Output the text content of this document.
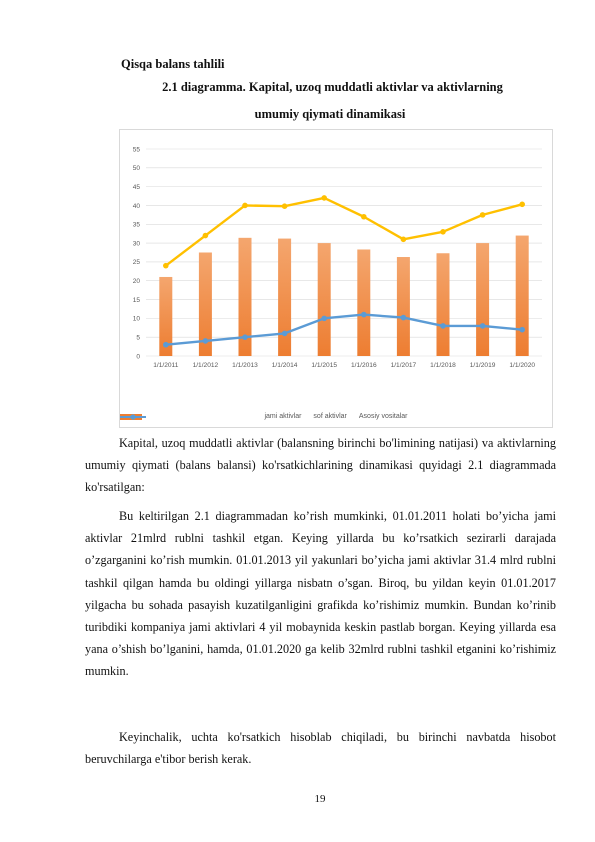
Qisqa balans tahlili
2.1 diagramma. Kapital, uzoq muddatli aktivlar va aktivlarning
umumiy qiymati dinamikasi
0
5
10
15
20
25
30
35
40
45
50
55
1/1/2011 1/1/2012 1/1/2013 1/1/2014 1/1/2015 1/1/2016 1/1/2017 1/1/2018 1/1/2019 1/1/2020
jami aktivlar sof aktivlar Asosiy vositalar

Kapital, uzoq muddatli aktivlar (balansning birinchi bo'limining natijasi) va aktivlarning umumiy qiymati (balans balansi) ko'rsatkichlarining dinamikasi quyidagi 2.1 diagrammada ko'rsatilgan:

Bu keltirilgan 2.1 diagrammadan ko’rish mumkinki, 01.01.2011 holati bo’yicha jami aktivlar 21mlrd rublni tashkil etgan. Keying yillarda bu ko’rsatkich sezirarli darajada o’zgarganini ko’rish mumkin. 01.01.2013 yil yakunlari bo’yicha jami aktivlar 31.4 mlrd rublni tashkil qilgan hamda bu oldingi yillarga nisbatn o’sgan. Biroq, bu yildan keyin 01.01.2017 yilgacha bu sohada pasayish kuzatilganligini grafikda ko’rishimiz mumkin. Bundan ko’rinib turibdiki kompaniya jami aktivlari 4 yil mobaynida keskin pastlab borgan. Keying yillarda esa yana o’shish bo’lganini, hamda, 01.01.2020 ga kelib 32mlrd rublni tashkil etganini ko’rishimiz mumkin.

Keyinchalik, uchta ko'rsatkich hisoblab chiqiladi, bu birinchi navbatda hisobot beruvchilarga e'tibor berish kerak.

19
